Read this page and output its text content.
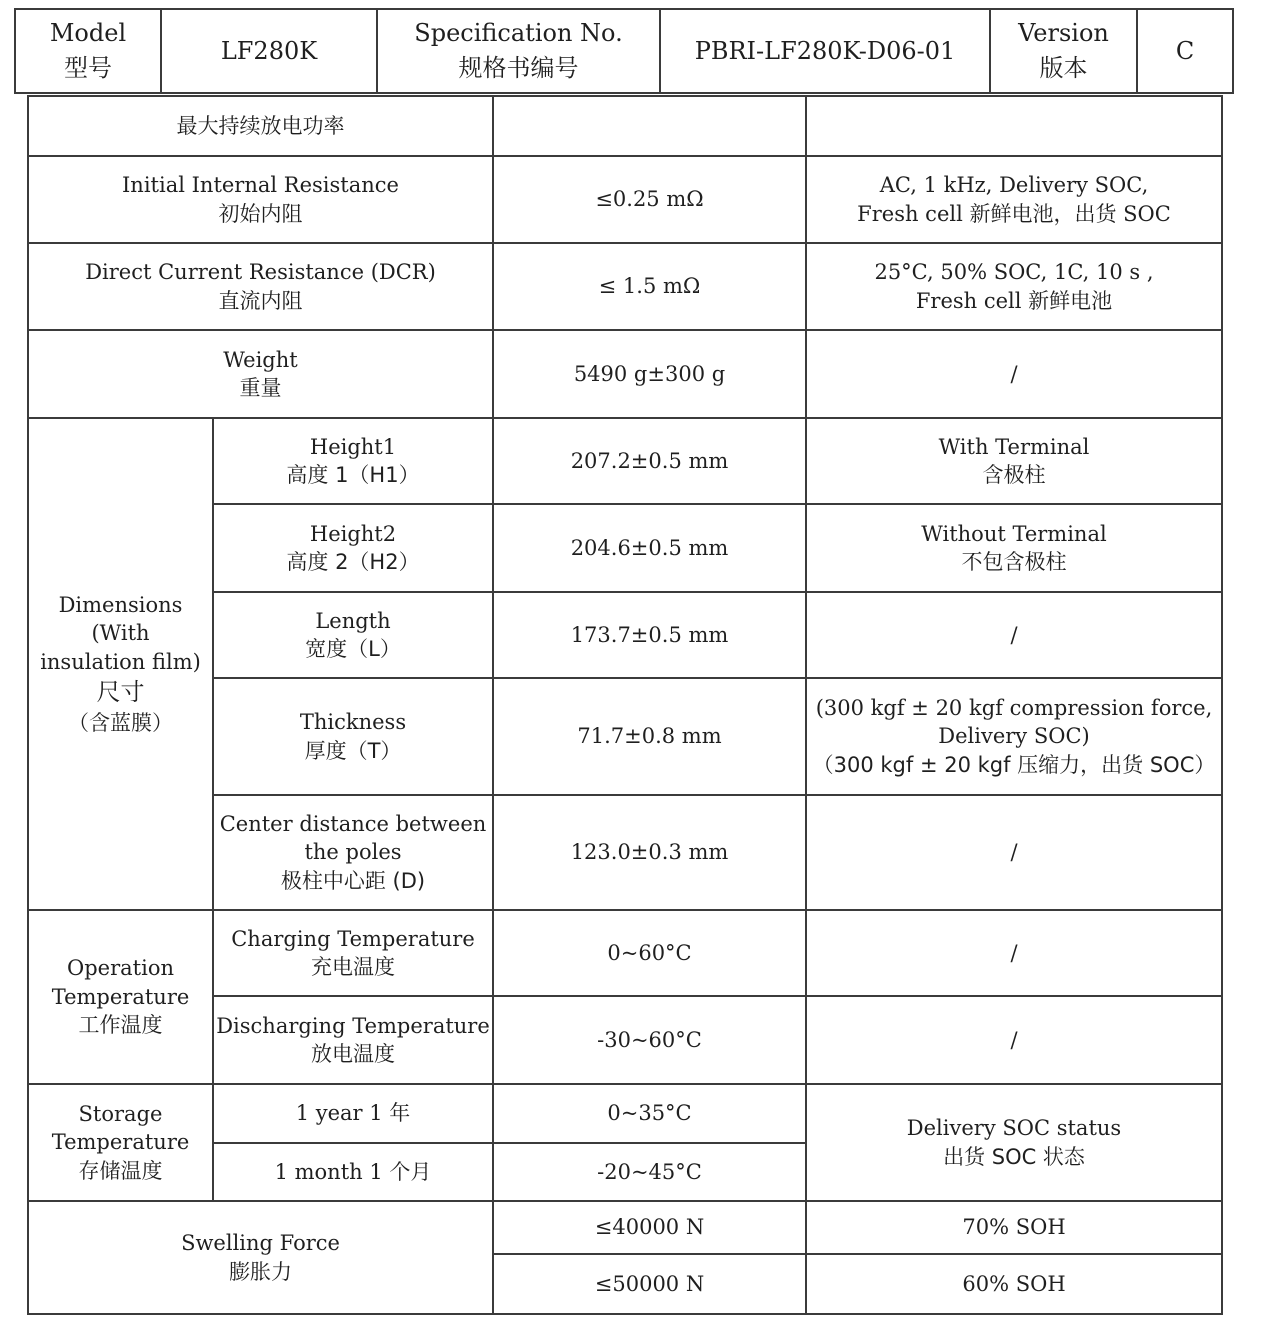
Model
型号
	LF280K	
Specification No.
规格书编号
	PBRI-LF280K-D06-01	
Version
版本
	C
最大持续放电功率			

Initial Internal Resistance
初始内阻		≤0.25 mΩ	AC, 1 kHz, Delivery SOC,
Fresh cell 新鲜电池，出货 SOC

Direct Current Resistance (DCR)
直流内阻		≤ 1.5 mΩ	25°C, 50% SOC, 1C, 10 s ,
Fresh cell 新鲜电池

Weight
重量		5490 g±300 g	/

Dimensions
(With
insulation film)
尺寸
（含蓝膜）	Height1
高度 1（H1）	207.2±0.5 mm	With Terminal
含极柱

	Height2
高度 2（H2）	204.6±0.5 mm	Without Terminal
不包含极柱

	Length
宽度（L）	173.7±0.5 mm	/

	Thickness
厚度（T）	71.7±0.8 mm	(300 kgf ± 20 kgf compression force,
Delivery SOC)
（300 kgf ± 20 kgf 压缩力，出货 SOC）

	Center distance between
the poles
极柱中心距 (D)	123.0±0.3 mm	/

Operation
Temperature
工作温度	Charging Temperature
充电温度	0~60°C	/

	Discharging Temperature
放电温度	-30~60°C	/

Storage
Temperature
存储温度	1 year 1 年	0~35°C	Delivery SOC status
出货 SOC 状态

	1 month 1 个月	-20~45°C	

Swelling Force
膨胀力		≤40000 N	70% SOH
		≤50000 N	60% SOH
